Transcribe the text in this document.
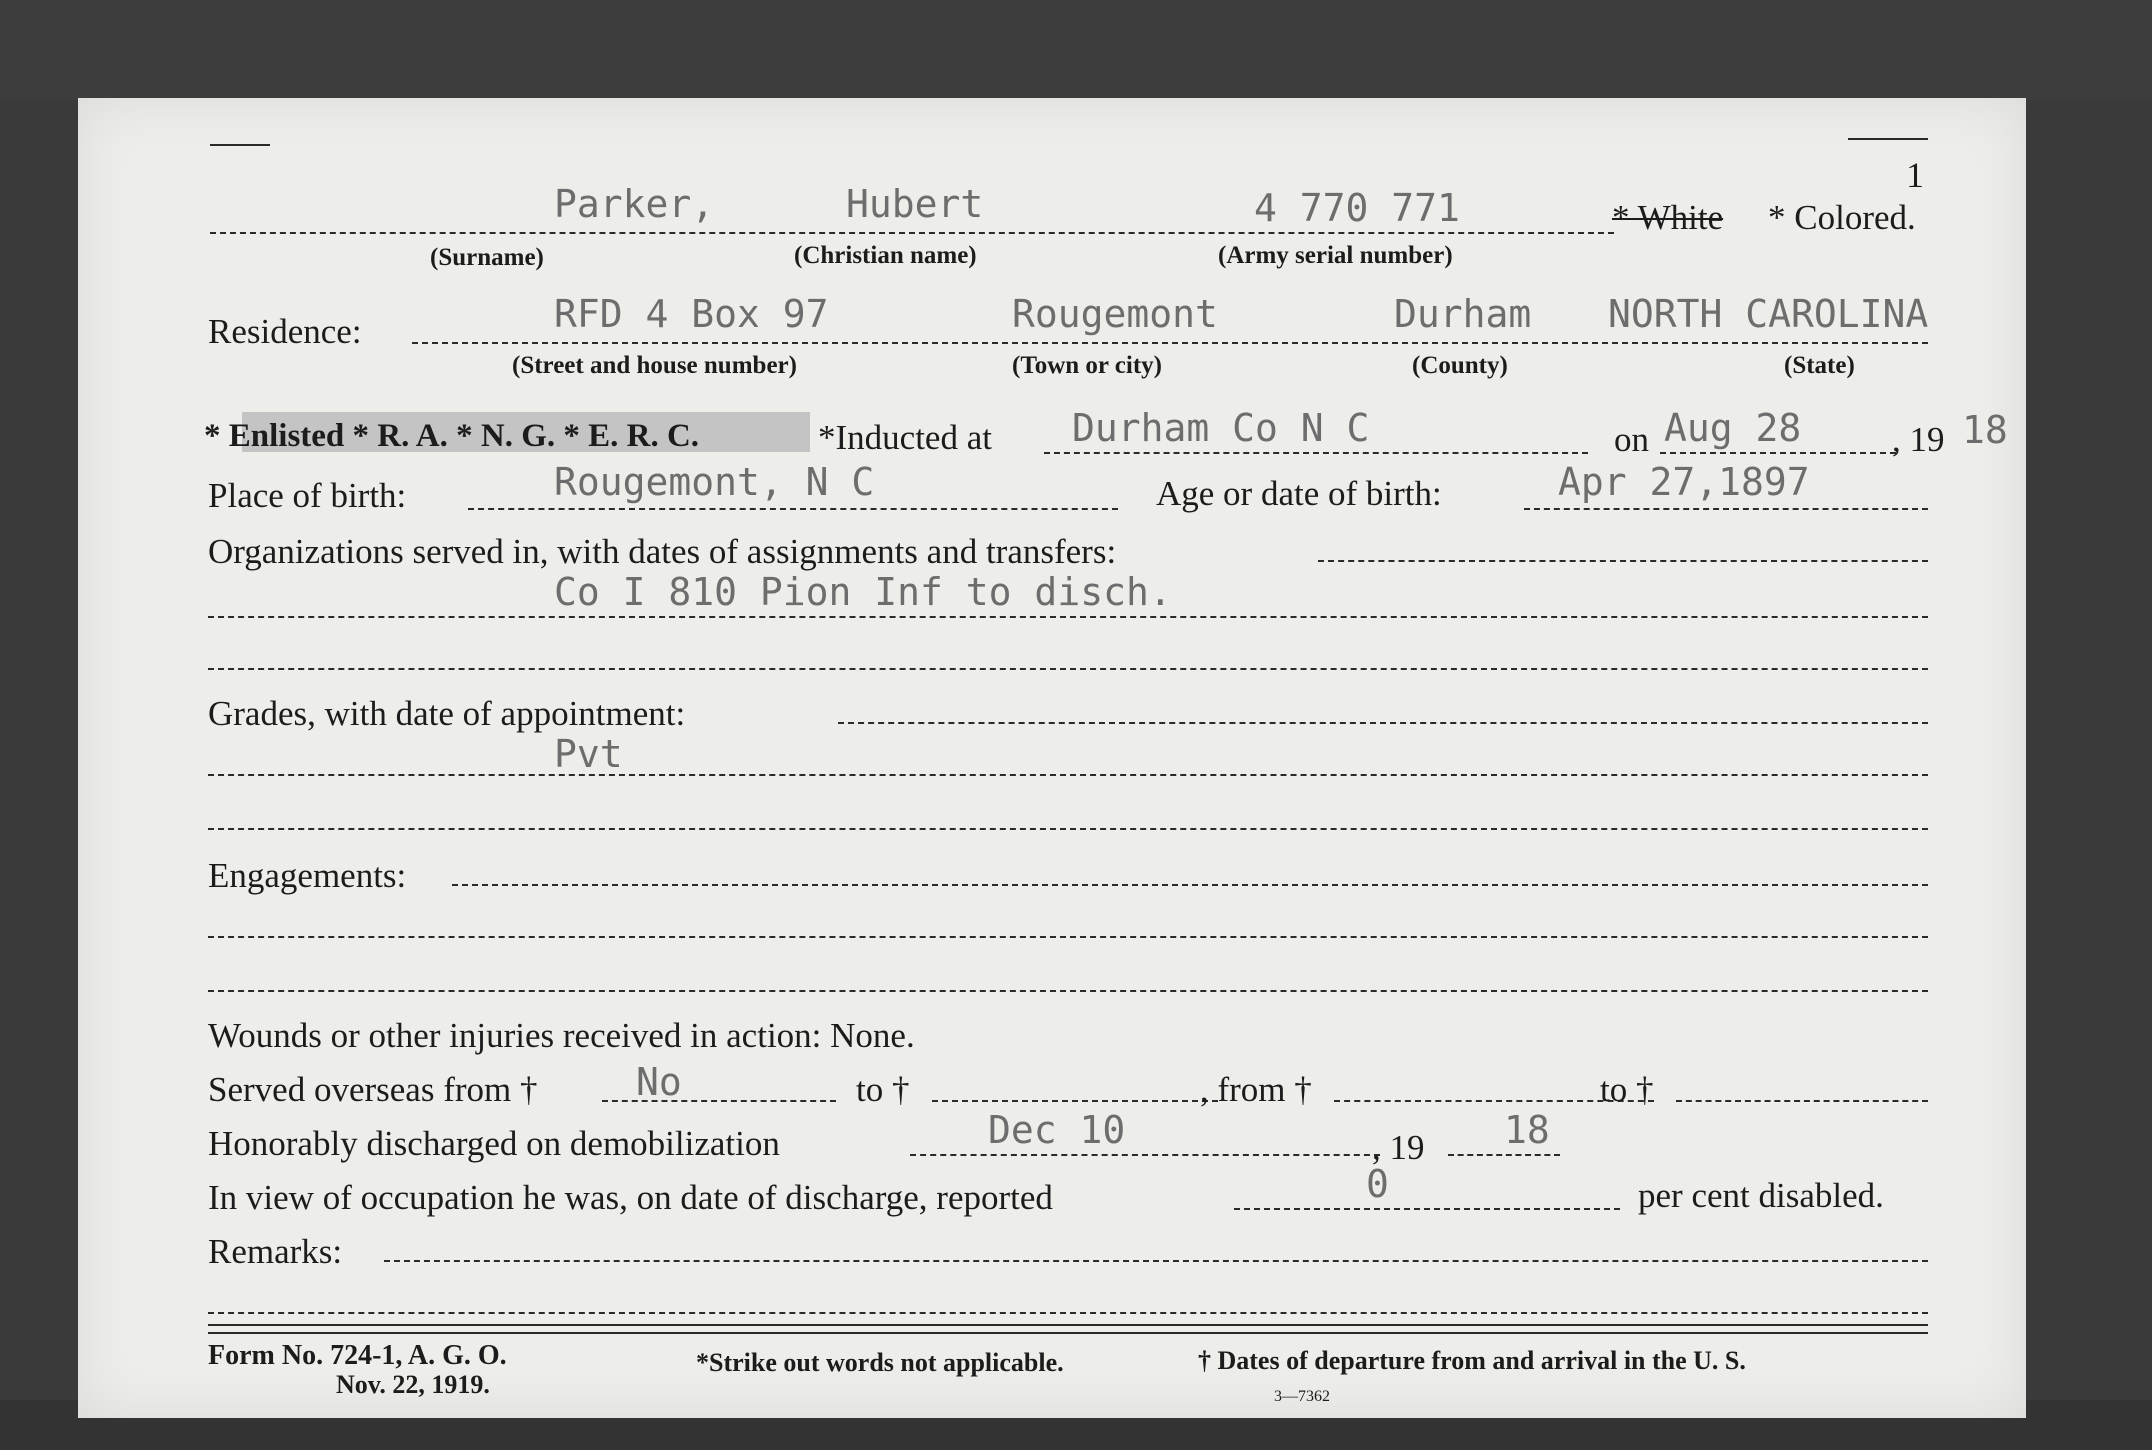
1
Parker,	Hubert	4 770 771	* White * Colored.
(Surname)	(Christian name)	(Army serial number)
Residence:	RFD 4 Box 97	Rougemont	Durham NORTH CAROLINA
(Street and house number)	(Town or city)	(County)	(State)
* Enlisted * R. A. * N. G. * E. R. C.	*Inducted at Durham Co N C	on Aug 28	, 19 18
Place of birth:	Rougemont, N C	Age or date of birth:	Apr 27,1897
Organizations served in, with dates of assignments and transfers:
Co I 810 Pion Inf to disch.
Grades, with date of appointment:
Pvt
Engagements:
Wounds or other injuries received in action: None.
Served overseas from †	No	to †	, from †	to †
Honorably discharged on demobilization	Dec 10	, 19 18
In view of occupation he was, on date of discharge, reported	0	per cent disabled.
Remarks:
Form No. 724-1, A. G. O.
Nov. 22, 1919.
*Strike out words not applicable.	† Dates of departure from and arrival in the U. S.
3—7362
